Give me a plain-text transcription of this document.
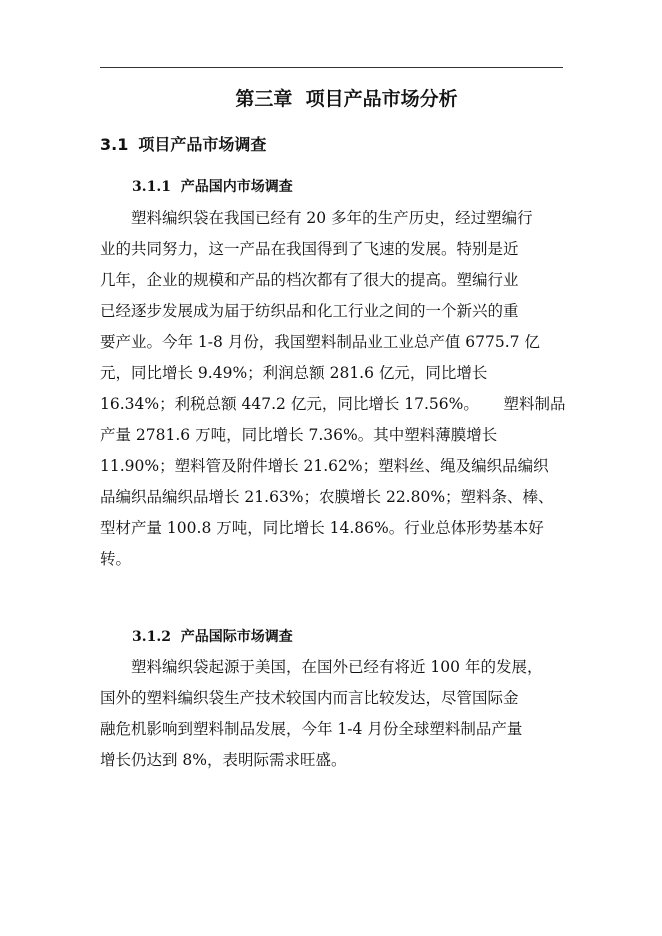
第三章  项目产品市场分析
3.1 项目产品市场调查
3.1.1  产品国内市场调查
　　塑料编织袋在我国已经有 20 多年的生产历史，经过塑编行
业的共同努力，这一产品在我国得到了飞速的发展。特别是近
几年，企业的规模和产品的档次都有了很大的提高。塑编行业
已经逐步发展成为届于纺织品和化工行业之间的一个新兴的重
要产业。今年 1-8 月份，我国塑料制品业工业总产值 6775.7 亿
元，同比增长 9.49%；利润总额 281.6 亿元，同比增长
16.34%；利税总额 447.2 亿元，同比增长 17.56%。     塑料制品
产量 2781.6 万吨，同比增长 7.36%。其中塑料薄膜增长
11.90%；塑料管及附件增长 21.62%；塑料丝、绳及编织品编织
品编织品编织品增长 21.63%；农膜增长 22.80%；塑料条、棒、
型材产量 100.8 万吨，同比增长 14.86%。行业总体形势基本好
转。
3.1.2  产品国际市场调查
　　塑料编织袋起源于美国，在国外已经有将近 100 年的发展，
国外的塑料编织袋生产技术较国内而言比较发达，尽管国际金
融危机影响到塑料制品发展，今年 1-4 月份全球塑料制品产量
增长仍达到 8%，表明际需求旺盛。
